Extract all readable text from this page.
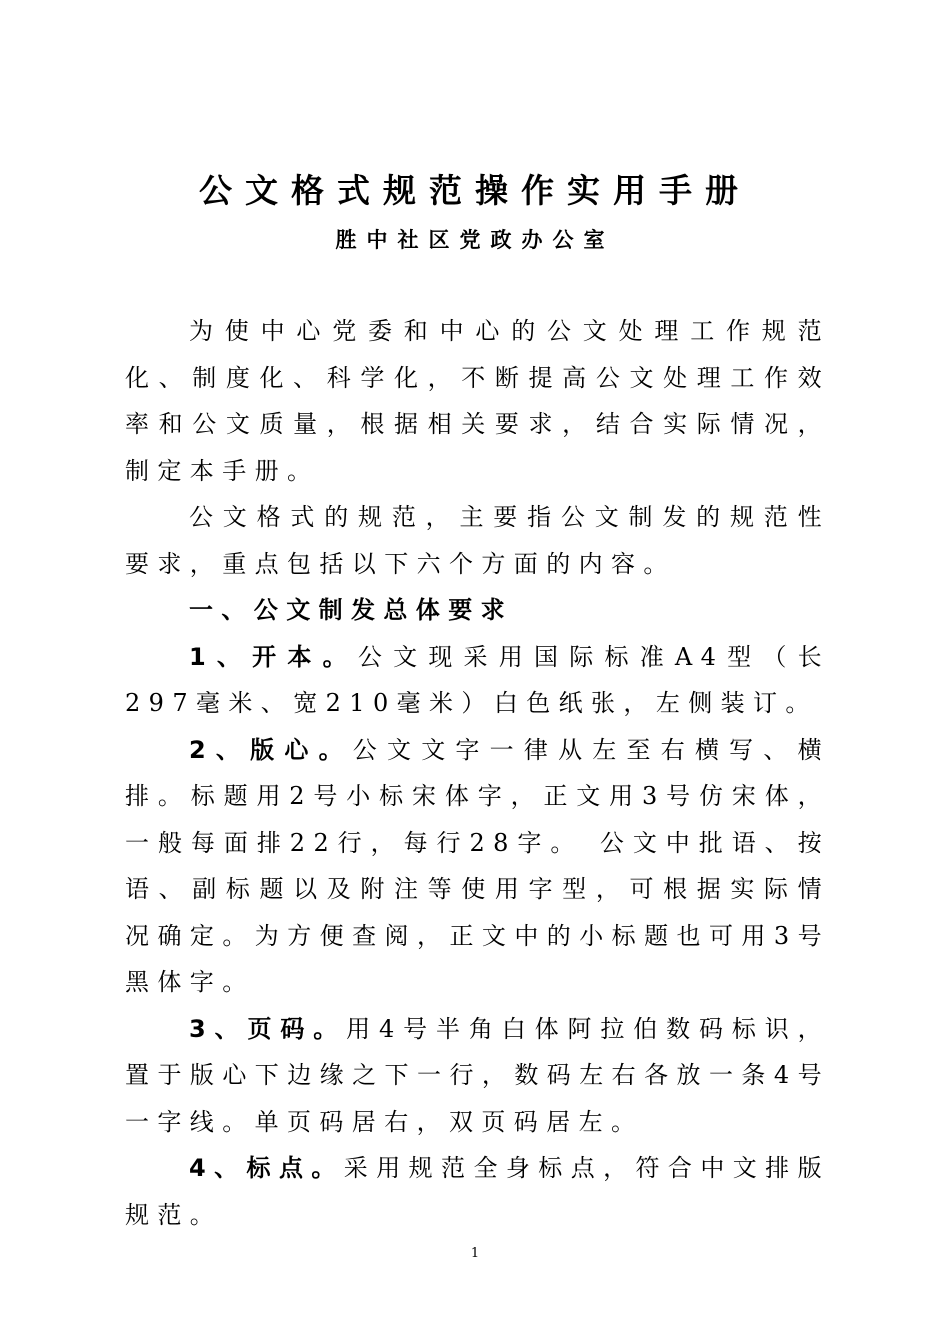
公文格式规范操作实用手册
胜中社区党政办公室

为使中心党委和中心的公文处理工作规范化、制度化、科学化，不断提高公文处理工作效率和公文质量，根据相关要求，结合实际情况，制定本手册。

公文格式的规范，主要指公文制发的规范性要求，重点包括以下六个方面的内容。

一、公文制发总体要求

1、开本。公文现采用国际标准A4型（长297毫米、宽210毫米）白色纸张，左侧装订。

2、版心。公文文字一律从左至右横写、横排。标题用2号小标宋体字，正文用3号仿宋体，一般每面排22行，每行28字。 公文中批语、按语、副标题以及附注等使用字型，可根据实际情况确定。为方便查阅，正文中的小标题也可用3号黑体字。

3、页码。用4号半角白体阿拉伯数码标识，置于版心下边缘之下一行，数码左右各放一条4号一字线。单页码居右，双页码居左。

4、标点。采用规范全身标点，符合中文排版规范。

1
